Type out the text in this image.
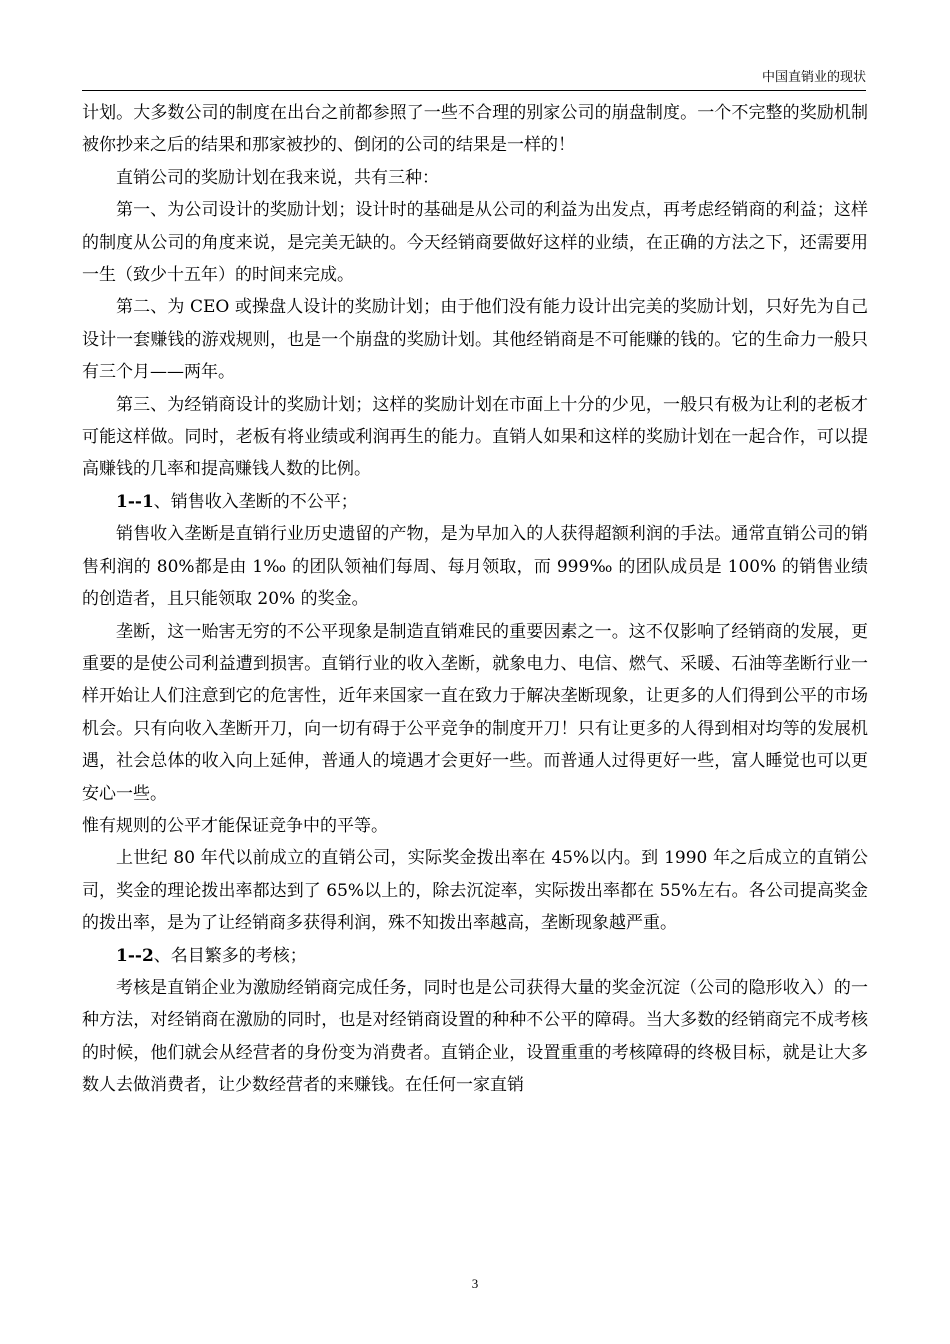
中国直销业的现状

计划。大多数公司的制度在出台之前都参照了一些不合理的别家公司的崩盘制度。一个不完整的奖励机制被你抄来之后的结果和那家被抄的、倒闭的公司的结果是一样的！

直销公司的奖励计划在我来说，共有三种：

第一、为公司设计的奖励计划；设计时的基础是从公司的利益为出发点，再考虑经销商的利益；这样的制度从公司的角度来说，是完美无缺的。今天经销商要做好这样的业绩，在正确的方法之下，还需要用一生（致少十五年）的时间来完成。

第二、为 CEO 或操盘人设计的奖励计划；由于他们没有能力设计出完美的奖励计划，只好先为自己设计一套赚钱的游戏规则，也是一个崩盘的奖励计划。其他经销商是不可能赚的钱的。它的生命力一般只有三个月——两年。

第三、为经销商设计的奖励计划；这样的奖励计划在市面上十分的少见，一般只有极为让利的老板才可能这样做。同时，老板有将业绩或利润再生的能力。直销人如果和这样的奖励计划在一起合作，可以提高赚钱的几率和提高赚钱人数的比例。

1--1、销售收入垄断的不公平；

销售收入垄断是直销行业历史遗留的产物，是为早加入的人获得超额利润的手法。通常直销公司的销售利润的 80%都是由 1‰ 的团队领袖们每周、每月领取，而 999‰ 的团队成员是 100% 的销售业绩的创造者，且只能领取 20% 的奖金。

垄断，这一贻害无穷的不公平现象是制造直销难民的重要因素之一。这不仅影响了经销商的发展，更重要的是使公司利益遭到损害。直销行业的收入垄断，就象电力、电信、燃气、采暖、石油等垄断行业一样开始让人们注意到它的危害性，近年来国家一直在致力于解决垄断现象，让更多的人们得到公平的市场机会。只有向收入垄断开刀，向一切有碍于公平竞争的制度开刀！只有让更多的人得到相对均等的发展机遇，社会总体的收入向上延伸，普通人的境遇才会更好一些。而普通人过得更好一些，富人睡觉也可以更安心一些。

惟有规则的公平才能保证竞争中的平等。

上世纪 80 年代以前成立的直销公司，实际奖金拨出率在 45%以内。到 1990 年之后成立的直销公司，奖金的理论拨出率都达到了 65%以上的，除去沉淀率，实际拨出率都在 55%左右。各公司提高奖金的拨出率，是为了让经销商多获得利润，殊不知拨出率越高，垄断现象越严重。

1--2、名目繁多的考核；

考核是直销企业为激励经销商完成任务，同时也是公司获得大量的奖金沉淀（公司的隐形收入）的一种方法，对经销商在激励的同时，也是对经销商设置的种种不公平的障碍。当大多数的经销商完不成考核的时候，他们就会从经营者的身份变为消费者。直销企业，设置重重的考核障碍的终极目标，就是让大多数人去做消费者，让少数经营者的来赚钱。在任何一家直销

3
